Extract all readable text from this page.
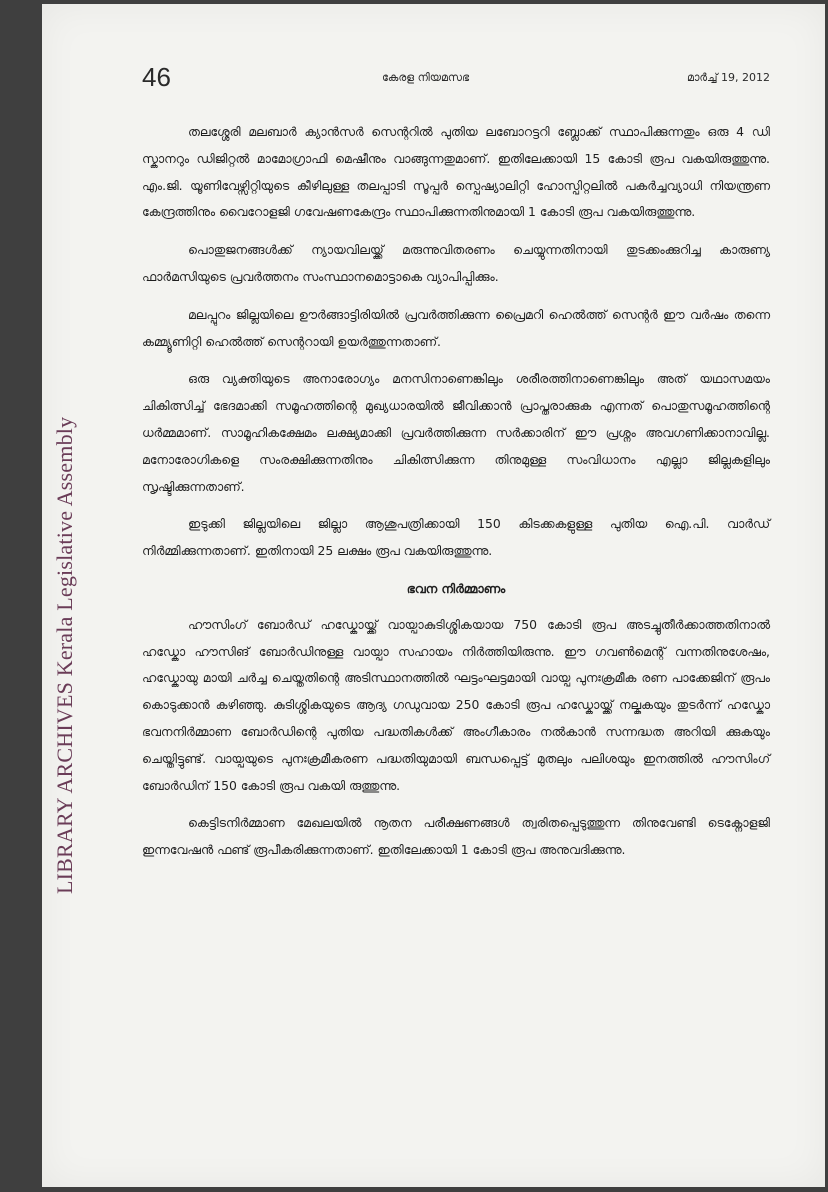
LIBRARY ARCHIVES Kerala Legislative Assembly
46	കേരള നിയമസഭ	മാർച്ച് 19, 2012

തലശ്ശേരി മലബാർ ക്യാൻസർ സെന്ററിൽ പുതിയ ലബോറട്ടറി ബ്ലോക്ക് സ്ഥാപിക്കുന്നതും ഒരു 4 ഡി സ്കാനറും ഡിജിറ്റൽ മാമോഗ്രാഫി മെഷീനും വാങ്ങുന്നതുമാണ്. ഇതിലേക്കായി 15 കോടി രൂപ വകയിരുത്തുന്നു. എം.ജി. യൂണിവേഴ്സിറ്റിയുടെ കീഴിലുള്ള തലപ്പാടി സൂപ്പർ സ്പെഷ്യാലിറ്റി ഹോസ്പിറ്റലിൽ പകർച്ചവ്യാധി നിയന്ത്രണ കേന്ദ്രത്തിനും വൈറോളജി ഗവേഷണകേന്ദ്രം സ്ഥാപിക്കുന്നതിനുമായി 1 കോടി രൂപ വകയിരുത്തുന്നു.

പൊതുജനങ്ങൾക്ക് ന്യായവിലയ്ക്ക് മരുന്നുവിതരണം ചെയ്യുന്നതിനായി തുടക്കംക്കുറിച്ച കാരുണ്യ ഫാർമസിയുടെ പ്രവർത്തനം സംസ്ഥാനമൊട്ടാകെ വ്യാപിപ്പിക്കും.

മലപ്പുറം ജില്ലയിലെ ഊർങ്ങാട്ടിരിയിൽ പ്രവർത്തിക്കുന്ന പ്രൈമറി ഹെൽത്ത് സെന്റർ ഈ വർഷം തന്നെ കമ്മ്യൂണിറ്റി ഹെൽത്ത് സെന്ററായി ഉയർത്തുന്നതാണ്.

ഒരു വ്യക്തിയുടെ അനാരോഗ്യം മനസിനാണെങ്കിലും ശരീരത്തിനാണെങ്കിലും അത് യഥാസമയം ചികിത്സിച്ച് ഭേദമാക്കി സമൂഹത്തിന്റെ മുഖ്യധാരയിൽ ജീവിക്കാൻ പ്രാപ്തരാക്കുക എന്നത് പൊതുസമൂഹത്തിന്റെ ധർമ്മമാണ്. സാമൂഹികക്ഷേമം ലക്ഷ്യമാക്കി പ്രവർത്തിക്കുന്ന സർക്കാരിന് ഈ പ്രശ്നം അവഗണിക്കാനാവില്ല. മനോരോഗികളെ സംരക്ഷിക്കുന്നതിനും ചികിത്സിക്കുന്ന തിനുമുള്ള സംവിധാനം എല്ലാ ജില്ലകളിലും സൃഷ്ടിക്കുന്നതാണ്.

ഇടുക്കി ജില്ലയിലെ ജില്ലാ ആശുപത്രിക്കായി 150 കിടക്കകളുള്ള പുതിയ ഐ.പി. വാർഡ് നിർമ്മിക്കുന്നതാണ്. ഇതിനായി 25 ലക്ഷം രൂപ വകയിരുത്തുന്നു.

ഭവന നിർമ്മാണം

ഹൗസിംഗ് ബോർഡ് ഹഡ്കോയ്ക്ക് വായ്പാകുടിശ്ശികയായ 750 കോടി രൂപ അടച്ചുതീർക്കാത്തതിനാൽ ഹഡ്കോ ഹൗസിങ് ബോർഡിനുള്ള വായ്പാ സഹായം നിർത്തിയിരുന്നു. ഈ ഗവൺമെന്റ് വന്നതിനുശേഷം, ഹഡ്കോയു മായി ചർച്ച ചെയ്തതിന്റെ അടിസ്ഥാനത്തിൽ ഘട്ടംഘട്ടമായി വായ്പ പുനഃക്രമീക രണ പാക്കേജിന് രൂപം കൊടുക്കാൻ കഴിഞ്ഞു. കുടിശ്ശികയുടെ ആദ്യ ഗഡുവായ 250 കോടി രൂപ ഹഡ്കോയ്ക്ക് നല്കുകയും തുടർന്ന് ഹഡ്കോ ഭവനനിർമ്മാണ ബോർഡിന്റെ പുതിയ പദ്ധതികൾക്ക് അംഗീകാരം നൽകാൻ സന്നദ്ധത അറിയി ക്കുകയും ചെയ്തിട്ടുണ്ട്. വായ്പയുടെ പുനഃക്രമീകരണ പദ്ധതിയുമായി ബന്ധപ്പെട്ട് മുതലും പലിശയും ഇനത്തിൽ ഹൗസിംഗ് ബോർഡിന് 150 കോടി രൂപ വകയി രുത്തുന്നു.

കെട്ടിടനിർമ്മാണ മേഖലയിൽ നൂതന പരീക്ഷണങ്ങൾ ത്വരിതപ്പെടുത്തുന്ന തിനുവേണ്ടി ടെക്നോളജി ഇന്നവേഷൻ ഫണ്ട് രൂപീകരിക്കുന്നതാണ്. ഇതിലേക്കായി 1 കോടി രൂപ അനുവദിക്കുന്നു.
